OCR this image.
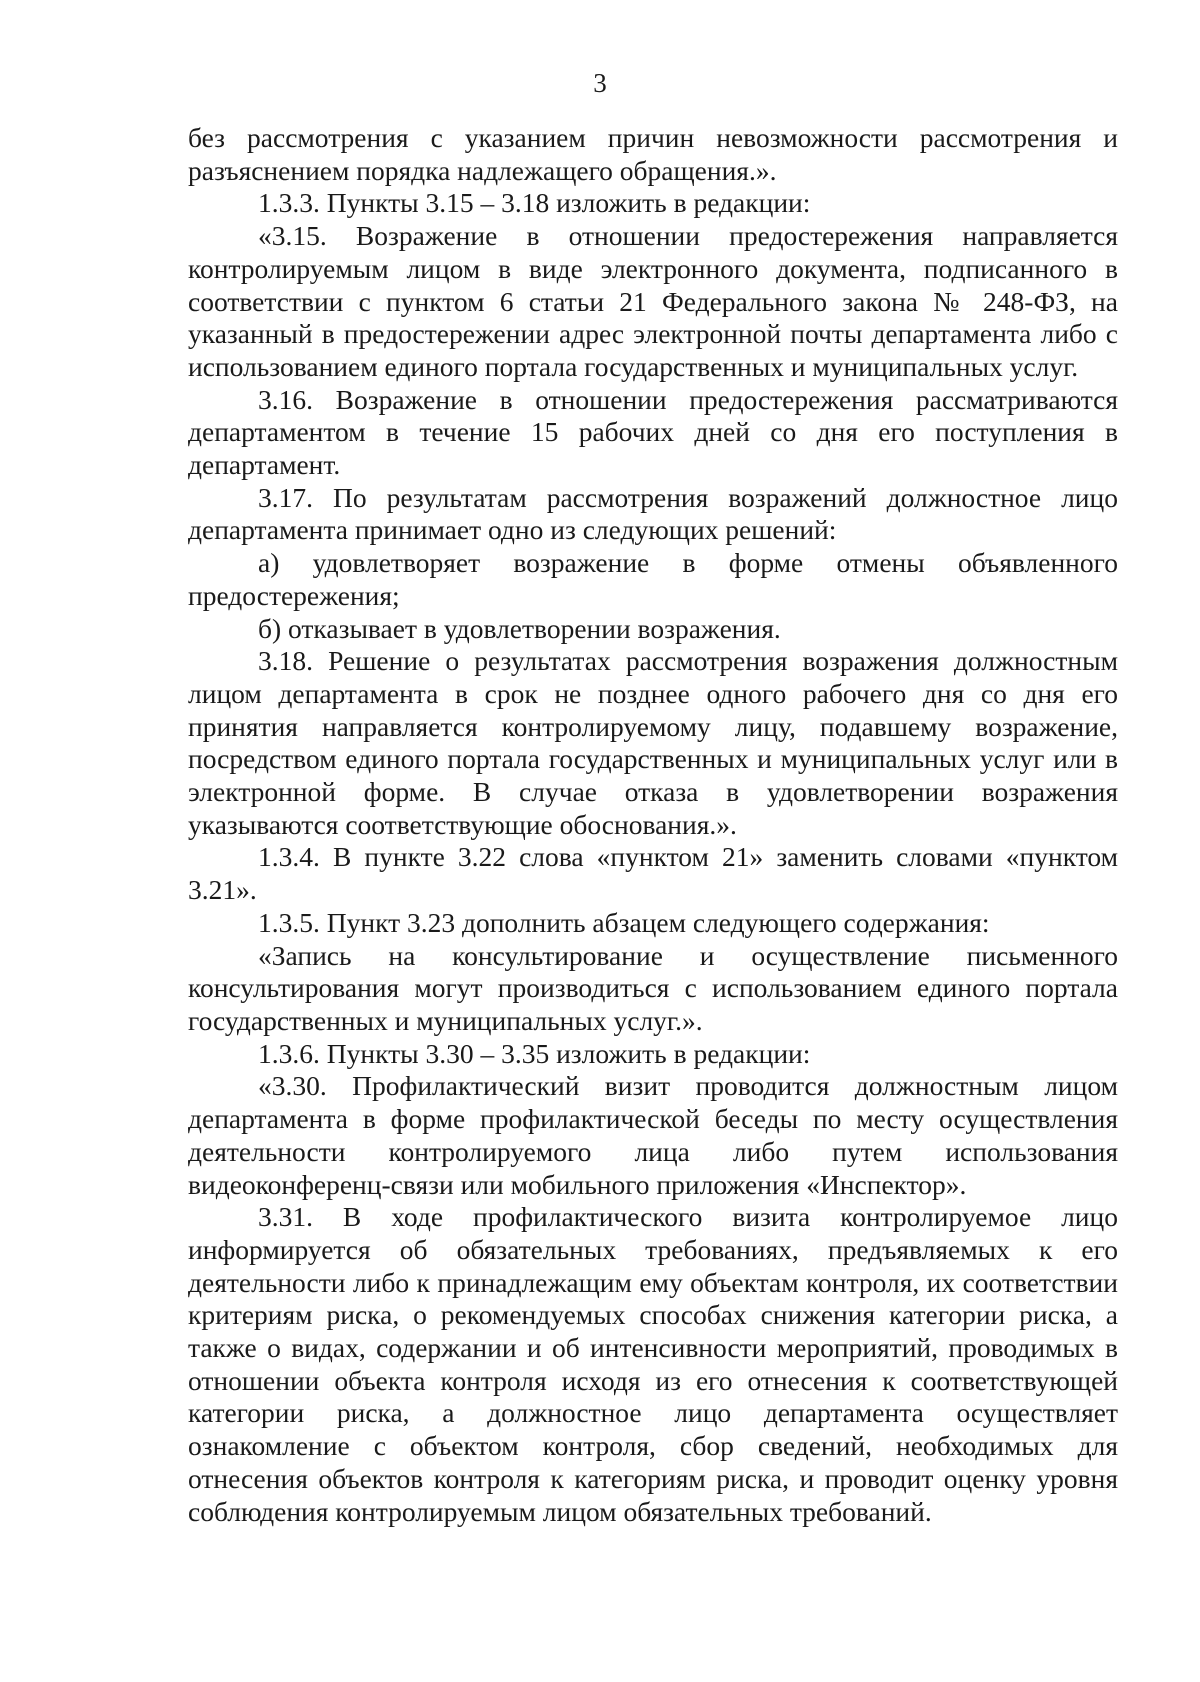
3

без рассмотрения с указанием причин невозможности рассмотрения и разъяснением порядка надлежащего обращения.».

1.3.3. Пункты 3.15 – 3.18 изложить в редакции:

«3.15. Возражение в отношении предостережения направляется контролируемым лицом в виде электронного документа, подписанного в соответствии с пунктом 6 статьи 21 Федерального закона № 248-ФЗ, на указанный в предостережении адрес электронной почты департамента либо с использованием единого портала государственных и муниципальных услуг.

3.16. Возражение в отношении предостережения рассматриваются департаментом в течение 15 рабочих дней со дня его поступления в департамент.

3.17. По результатам рассмотрения возражений должностное лицо департамента принимает одно из следующих решений:

а) удовлетворяет возражение в форме отмены объявленного предостережения;

б) отказывает в удовлетворении возражения.

3.18. Решение о результатах рассмотрения возражения должностным лицом департамента в срок не позднее одного рабочего дня со дня его принятия направляется контролируемому лицу, подавшему возражение, посредством единого портала государственных и муниципальных услуг или в электронной форме. В случае отказа в удовлетворении возражения указываются соответствующие обоснования.».

1.3.4. В пункте 3.22 слова «пунктом 21» заменить словами «пунктом 3.21».

1.3.5. Пункт 3.23 дополнить абзацем следующего содержания:

«Запись на консультирование и осуществление письменного консультирования могут производиться с использованием единого портала государственных и муниципальных услуг.».

1.3.6. Пункты 3.30 – 3.35 изложить в редакции:

«3.30. Профилактический визит проводится должностным лицом департамента в форме профилактической беседы по месту осуществления деятельности контролируемого лица либо путем использования видеоконференц-связи или мобильного приложения «Инспектор».

3.31. В ходе профилактического визита контролируемое лицо информируется об обязательных требованиях, предъявляемых к его деятельности либо к принадлежащим ему объектам контроля, их соответствии критериям риска, о рекомендуемых способах снижения категории риска, а также о видах, содержании и об интенсивности мероприятий, проводимых в отношении объекта контроля исходя из его отнесения к соответствующей категории риска, а должностное лицо департамента осуществляет ознакомление с объектом контроля, сбор сведений, необходимых для отнесения объектов контроля к категориям риска, и проводит оценку уровня соблюдения контролируемым лицом обязательных требований.
